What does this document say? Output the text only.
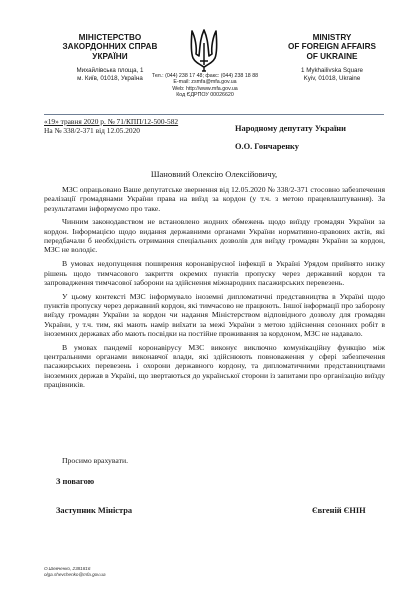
МІНІСТЕРСТВО
ЗАКОРДОННИХ СПРАВ
УКРАЇНИ
Михайлівська площа, 1
м. Київ, 01018, Україна
MINISTRY
OF FOREIGN AFFAIRS
OF UKRAINE
1 Mykhailivska Square
Kyiv, 01018, Ukraine
Тел.: (044) 238 17 48; факс: (044) 238 18 88
E-mail: zsmfa@mfa.gov.ua
Web: http://www.mfa.gov.ua
Код ЄДРПОУ 00026620
«19» травня 2020 р. № 71/КПП/12-500-582
На № 338/2-371 від 12.05.2020	Народному депутату України
О.О. Гончаренку
Шановний Олексію Олексійовичу,

МЗС опрацьовано Ваше депутатське звернення від 12.05.2020 № 338/2-371 стосовно забезпечення реалізації громадянами України права на виїзд за кордон (у т.ч. з метою працевлаштування). За результатами інформуємо про таке.

Чинним законодавством не встановлено жодних обмежень щодо виїзду громадян України за кордон. Інформацією щодо видання державними органами України нормативно-правових актів, які передбачали б необхідність отримання спеціальних дозволів для виїзду громадян України за кордон, МЗС не володіє.

В умовах недопущення поширення коронавірусної інфекції в Україні Урядом прийнято низку рішень щодо тимчасового закриття окремих пунктів пропуску через державний кордон та запровадження тимчасової заборони на здійснення міжнародних пасажирських перевезень.

У цьому контексті МЗС інформувало іноземні дипломатичні представництва в Україні щодо пунктів пропуску через державний кордон, які тимчасово не працюють. Іншої інформації про заборону виїзду громадян України за кордон чи надання Міністерством відповідного дозволу для громадян України, у т.ч. тим, які мають намір виїхати за межі України з метою здійснення сезонних робіт в іноземних державах або мають посвідки на постійне проживання за кордоном, МЗС не надавало.

В умовах пандемії коронавірусу МЗС виконує виключно комунікаційну функцію між центральними органами виконавчої влади, які здійснюють повноваження у сфері забезпечення пасажирських перевезень і охорони державного кордону, та дипломатичними представництвами іноземних держав в Україні, що звертаються до української сторони із запитами про організацію виїзду працівників.

Просимо врахувати.
З повагою
Заступник Міністра	Євгеній ЄНІН
О.Шевченко, 2381816
olga.shevchenko@mfa.gov.ua
